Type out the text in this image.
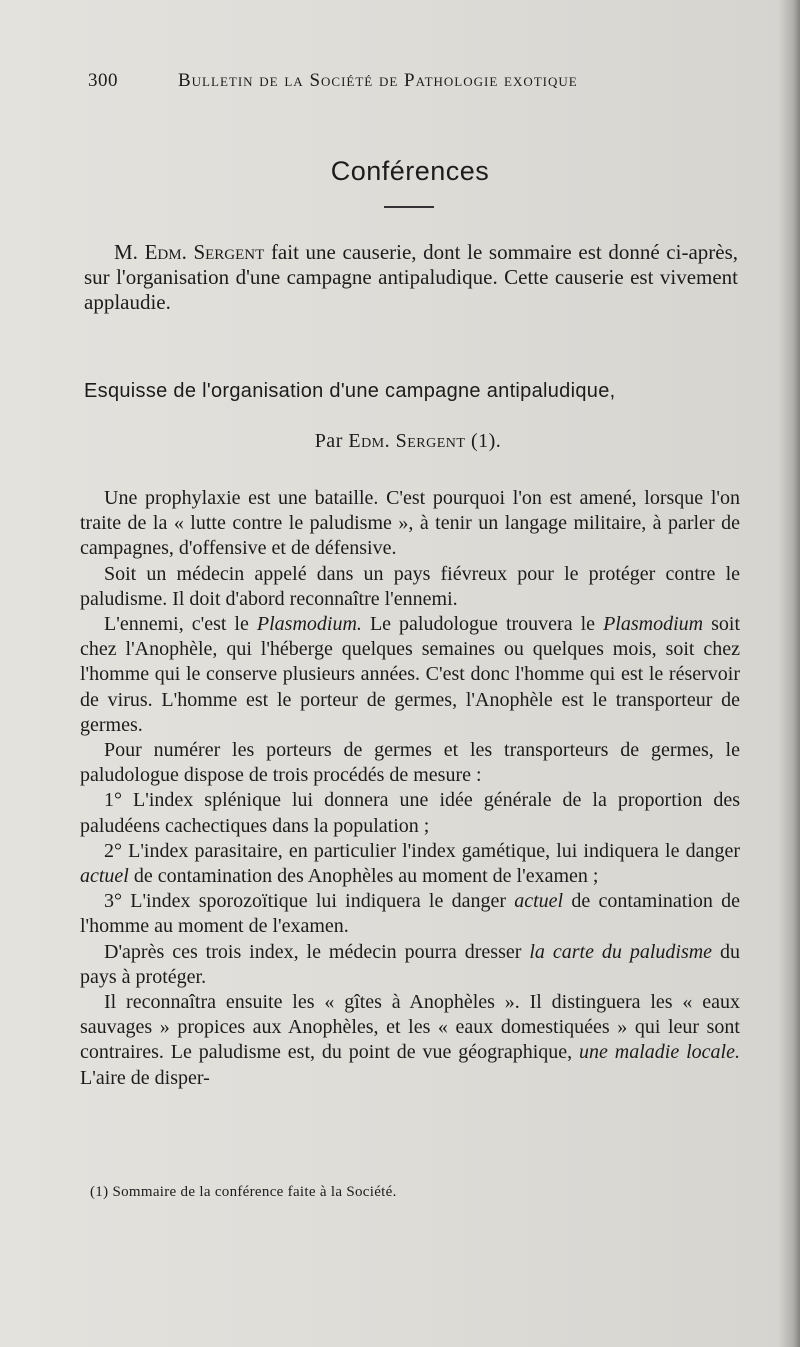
300	Bulletin de la Société de Pathologie exotique
Conférences

M. Edm. Sergent fait une causerie, dont le sommaire est donné ci-après, sur l'organisation d'une campagne antipaludique. Cette causerie est vivement applaudie.

Esquisse de l'organisation d'une campagne antipaludique,
Par Edm. Sergent (1).

Une prophylaxie est une bataille. C'est pourquoi l'on est amené, lorsque l'on traite de la « lutte contre le paludisme », à tenir un langage militaire, à parler de campagnes, d'offensive et de défensive.

Soit un médecin appelé dans un pays fiévreux pour le protéger contre le paludisme. Il doit d'abord reconnaître l'ennemi.

L'ennemi, c'est le Plasmodium. Le paludologue trouvera le Plasmodium soit chez l'Anophèle, qui l'héberge quelques semaines ou quelques mois, soit chez l'homme qui le conserve plusieurs années. C'est donc l'homme qui est le réservoir de virus. L'homme est le porteur de germes, l'Anophèle est le transporteur de germes.

Pour numérer les porteurs de germes et les transporteurs de germes, le paludologue dispose de trois procédés de mesure :

1° L'index splénique lui donnera une idée générale de la proportion des paludéens cachectiques dans la population ;

2° L'index parasitaire, en particulier l'index gamétique, lui indiquera le danger actuel de contamination des Anophèles au moment de l'examen ;

3° L'index sporozoïtique lui indiquera le danger actuel de contamination de l'homme au moment de l'examen.

D'après ces trois index, le médecin pourra dresser la carte du paludisme du pays à protéger.

Il reconnaîtra ensuite les « gîtes à Anophèles ». Il distinguera les « eaux sauvages » propices aux Anophèles, et les « eaux domestiquées » qui leur sont contraires. Le paludisme est, du point de vue géographique, une maladie locale. L'aire de disper-

(1) Sommaire de la conférence faite à la Société.
